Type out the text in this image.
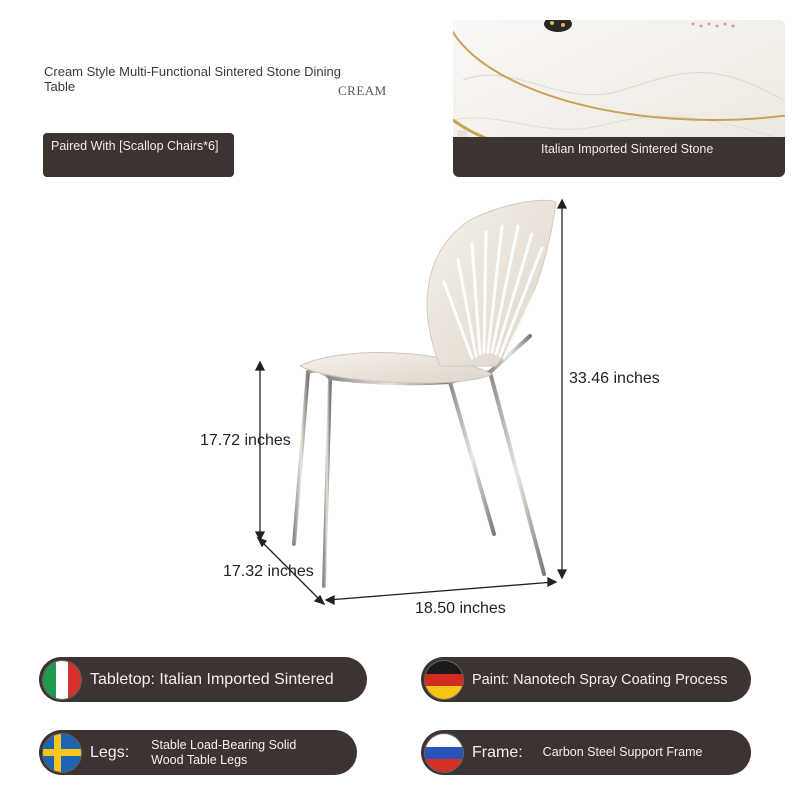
Cream Style Multi-Functional Sintered Stone Dining Table	CREAM
Paired With [Scallop Chairs*6]	Italian Imported Sintered Stone
33.46 inches
17.72 inches
17.32 inches
18.50 inches
Tabletop: Italian Imported Sintered	Paint: Nanotech Spray Coating Process
Legs: Stable Load-Bearing Solid Wood Table Legs	Frame: Carbon Steel Support Frame
